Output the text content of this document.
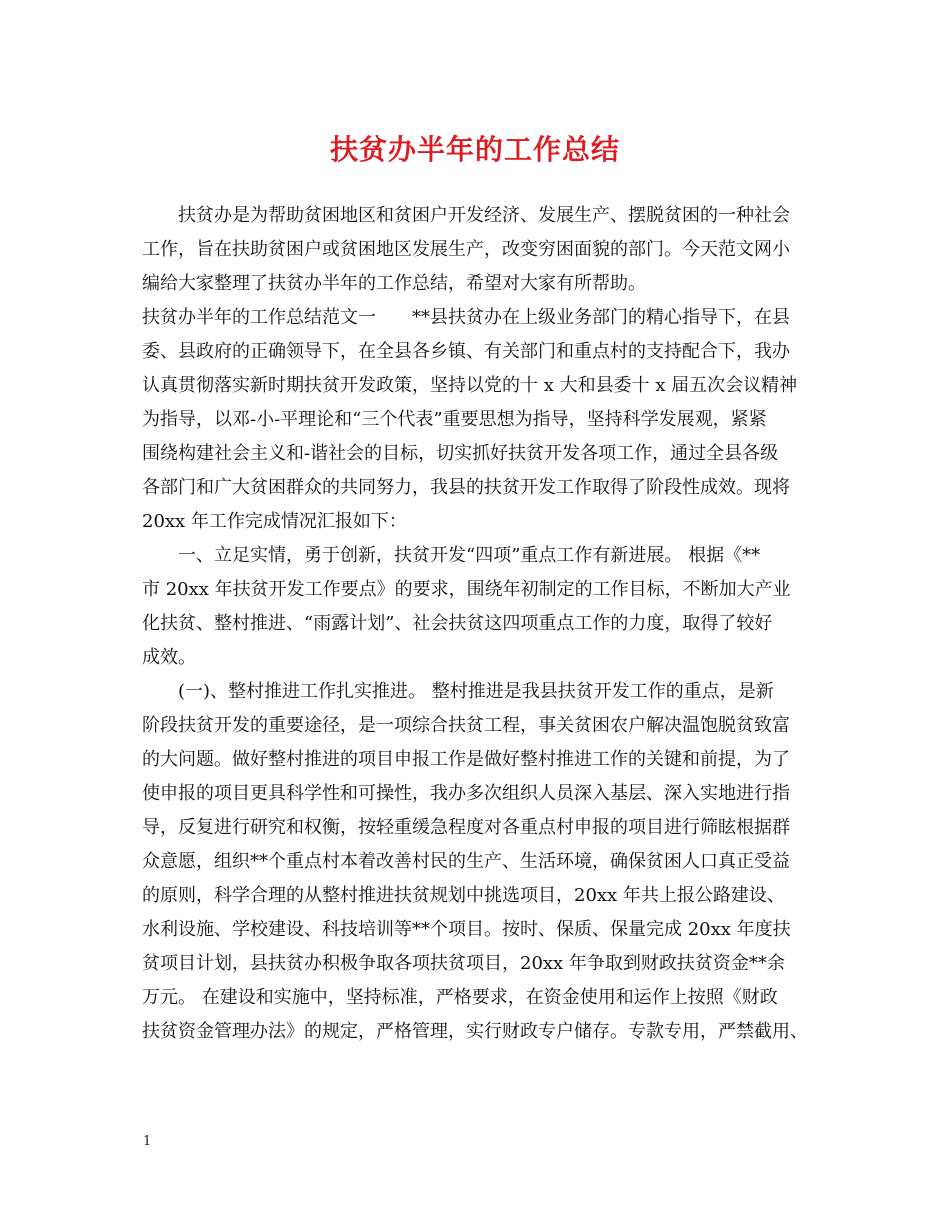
扶贫办半年的工作总结
扶贫办是为帮助贫困地区和贫困户开发经济、发展生产、摆脱贫困的一种社会
工作，旨在扶助贫困户或贫困地区发展生产，改变穷困面貌的部门。今天范文网小
编给大家整理了扶贫办半年的工作总结，希望对大家有所帮助。
扶贫办半年的工作总结范文一　　**县扶贫办在上级业务部门的精心指导下，在县
委、县政府的正确领导下，在全县各乡镇、有关部门和重点村的支持配合下，我办
认真贯彻落实新时期扶贫开发政策，坚持以党的十 x 大和县委十 x 届五次会议精神
为指导，以邓-小-平理论和“三个代表”重要思想为指导，坚持科学发展观，紧紧
围绕构建社会主义和-谐社会的目标，切实抓好扶贫开发各项工作，通过全县各级
各部门和广大贫困群众的共同努力，我县的扶贫开发工作取得了阶段性成效。现将
20xx 年工作完成情况汇报如下：
一、立足实情，勇于创新，扶贫开发“四项”重点工作有新进展。 根据《**
市 20xx 年扶贫开发工作要点》的要求，围绕年初制定的工作目标，不断加大产业
化扶贫、整村推进、“雨露计划”、社会扶贫这四项重点工作的力度，取得了较好
成效。
(一)、整村推进工作扎实推进。 整村推进是我县扶贫开发工作的重点，是新
阶段扶贫开发的重要途径，是一项综合扶贫工程，事关贫困农户解决温饱脱贫致富
的大问题。做好整村推进的项目申报工作是做好整村推进工作的关键和前提，为了
使申报的项目更具科学性和可操性，我办多次组织人员深入基层、深入实地进行指
导，反复进行研究和权衡，按轻重缓急程度对各重点村申报的项目进行筛眩根据群
众意愿，组织**个重点村本着改善村民的生产、生活环境，确保贫困人口真正受益
的原则，科学合理的从整村推进扶贫规划中挑选项目，20xx 年共上报公路建设、
水利设施、学校建设、科技培训等**个项目。按时、保质、保量完成 20xx 年度扶
贫项目计划，县扶贫办积极争取各项扶贫项目，20xx 年争取到财政扶贫资金**余
万元。 在建设和实施中，坚持标准，严格要求，在资金使用和运作上按照《财政
扶贫资金管理办法》的规定，严格管理，实行财政专户储存。专款专用，严禁截用、
1
